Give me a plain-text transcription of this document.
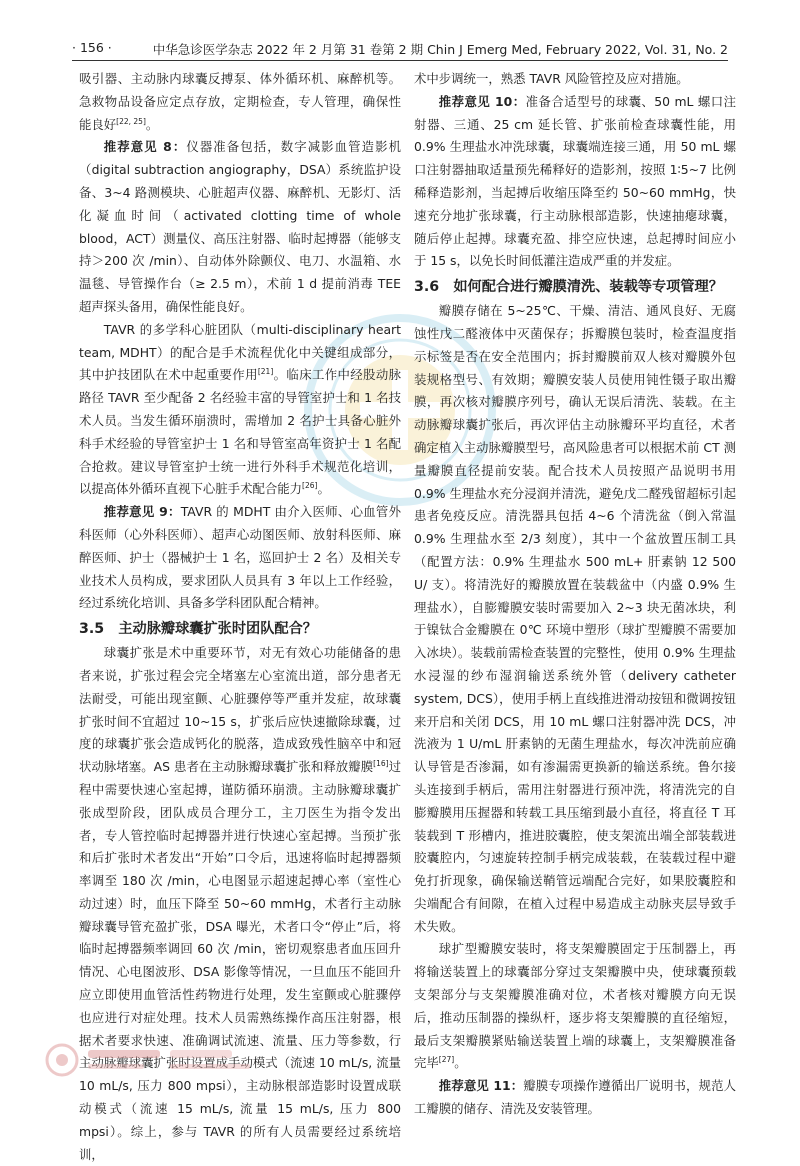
· 156 ·	中华急诊医学杂志 2022 年 2 月第 31 卷第 2 期 Chin J Emerg Med, February 2022, Vol. 31, No. 2

吸引器、主动脉内球囊反搏泵、体外循环机、麻醉机等。急救物品设备应定点存放，定期检查，专人管理，确保性能良好[22, 25]。

推荐意见 8：仪器准备包括，数字减影血管造影机（digital subtraction angiography，DSA）系统监护设备、3~4 路测模块、心脏超声仪器、麻醉机、无影灯、活化凝血时间（activated clotting time of whole blood，ACT）测量仪、高压注射器、临时起搏器（能够支持＞200 次 /min）、自动体外除颤仪、电刀、水温箱、水温毯、导管操作台（≥ 2.5 m），术前 1 d 提前消毒 TEE 超声探头备用，确保性能良好。

TAVR 的多学科心脏团队（multi-disciplinary heart team, MDHT）的配合是手术流程优化中关键组成部分，其中护技团队在术中起重要作用[21]。临床工作中经股动脉路径 TAVR 至少配备 2 名经验丰富的导管室护士和 1 名技术人员。当发生循环崩溃时，需增加 2 名护士具备心脏外科手术经验的导管室护士 1 名和导管室高年资护士 1 名配合抢救。建议导管室护士统一进行外科手术规范化培训，以提高体外循环直视下心脏手术配合能力[26]。

推荐意见 9：TAVR 的 MDHT 由介入医师、心血管外科医师（心外科医师）、超声心动图医师、放射科医师、麻醉医师、护士（器械护士 1 名，巡回护士 2 名）及相关专业技术人员构成，要求团队人员具有 3 年以上工作经验，经过系统化培训、具备多学科团队配合精神。

3.5　主动脉瓣球囊扩张时团队配合？

球囊扩张是术中重要环节，对无有效心功能储备的患者来说，扩张过程会完全堵塞左心室流出道，部分患者无法耐受，可能出现室颤、心脏骤停等严重并发症，故球囊扩张时间不宜超过 10~15 s，扩张后应快速撤除球囊，过度的球囊扩张会造成钙化的脱落，造成致残性脑卒中和冠状动脉堵塞。AS 患者在主动脉瓣球囊扩张和释放瓣膜[16]过程中需要快速心室起搏，谨防循环崩溃。主动脉瓣球囊扩张成型阶段，团队成员合理分工，主刀医生为指令发出者，专人管控临时起搏器并进行快速心室起搏。当预扩张和后扩张时术者发出“开始”口令后，迅速将临时起搏器频率调至 180 次 /min，心电图显示超速起搏心率（室性心动过速）时，血压下降至 50~60 mmHg，术者行主动脉瓣球囊导管充盈扩张，DSA 曝光，术者口令“停止”后，将临时起搏器频率调回 60 次 /min，密切观察患者血压回升情况、心电图波形、DSA 影像等情况，一旦血压不能回升应立即使用血管活性药物进行处理，发生室颤或心脏骤停也应进行对症处理。技术人员需熟练操作高压注射器，根据术者要求快速、准确调试流速、流量、压力等参数，行主动脉瓣球囊扩张时设置成手动模式（流速 10 mL/s, 流量 10 mL/s, 压力 800 mpsi），主动脉根部造影时设置成联动模式（流速 15 mL/s, 流量 15 mL/s, 压力 800 mpsi）。综上，参与 TAVR 的所有人员需要经过系统培训，

术中步调统一，熟悉 TAVR 风险管控及应对措施。

推荐意见 10：准备合适型号的球囊、50 mL 螺口注射器、三通、25 cm 延长管、扩张前检查球囊性能，用 0.9% 生理盐水冲洗球囊，球囊端连接三通，用 50 mL 螺口注射器抽取适量预先稀释好的造影剂，按照 1∶5~7 比例稀释造影剂，当起搏后收缩压降至约 50~60 mmHg，快速充分地扩张球囊，行主动脉根部造影，快速抽瘪球囊，随后停止起搏。球囊充盈、排空应快速，总起搏时间应小于 15 s，以免长时间低灌注造成严重的并发症。

3.6　如何配合进行瓣膜清洗、装载等专项管理？

瓣膜存储在 5~25℃、干燥、清洁、通风良好、无腐蚀性戊二醛液体中灭菌保存；拆瓣膜包装时，检查温度指示标签是否在安全范围内；拆封瓣膜前双人核对瓣膜外包装规格型号、有效期；瓣膜安装人员使用钝性镊子取出瓣膜，再次核对瓣膜序列号，确认无误后清洗、装载。在主动脉瓣球囊扩张后，再次评估主动脉瓣环平均直径，术者确定植入主动脉瓣膜型号，高风险患者可以根据术前 CT 测量瓣膜直径提前安装。配合技术人员按照产品说明书用 0.9% 生理盐水充分浸润并清洗，避免戊二醛残留超标引起患者免疫反应。清洗器具包括 4~6 个清洗盆（倒入常温 0.9% 生理盐水至 2/3 刻度），其中一个盆放置压制工具（配置方法：0.9% 生理盐水 500 mL+ 肝素钠 12 500 U/ 支）。将清洗好的瓣膜放置在装载盆中（内盛 0.9% 生理盐水），自膨瓣膜安装时需要加入 2~3 块无菌冰块，利于镍钛合金瓣膜在 0℃ 环境中塑形（球扩型瓣膜不需要加入冰块）。装载前需检查装置的完整性，使用 0.9% 生理盐水浸湿的纱布湿润输送系统外管（delivery catheter system, DCS），使用手柄上直线推进滑动按钮和微调按钮来开启和关闭 DCS，用 10 mL 螺口注射器冲洗 DCS，冲洗液为 1 U/mL 肝素钠的无菌生理盐水，每次冲洗前应确认导管是否渗漏，如有渗漏需更换新的输送系统。鲁尔接头连接到手柄后，需用注射器进行预冲洗，将清洗完的自膨瓣膜用压握器和转载工具压缩到最小直径，将直径 T 耳装载到 T 形槽内，推进胶囊腔，使支架流出端全部装载进胶囊腔内，匀速旋转控制手柄完成装载，在装载过程中避免打折现象，确保输送鞘管远端配合完好，如果胶囊腔和尖端配合有间隙，在植入过程中易造成主动脉夹层导致手术失败。

球扩型瓣膜安装时，将支架瓣膜固定于压制器上，再将输送装置上的球囊部分穿过支架瓣膜中央，使球囊预载支架部分与支架瓣膜准确对位，术者核对瓣膜方向无误后，推动压制器的操纵杆，逐步将支架瓣膜的直径缩短，最后支架瓣膜紧贴输送装置上端的球囊上，支架瓣膜准备完毕[27]。

推荐意见 11：瓣膜专项操作遵循出厂说明书，规范人工瓣膜的储存、清洗及安装管理。
